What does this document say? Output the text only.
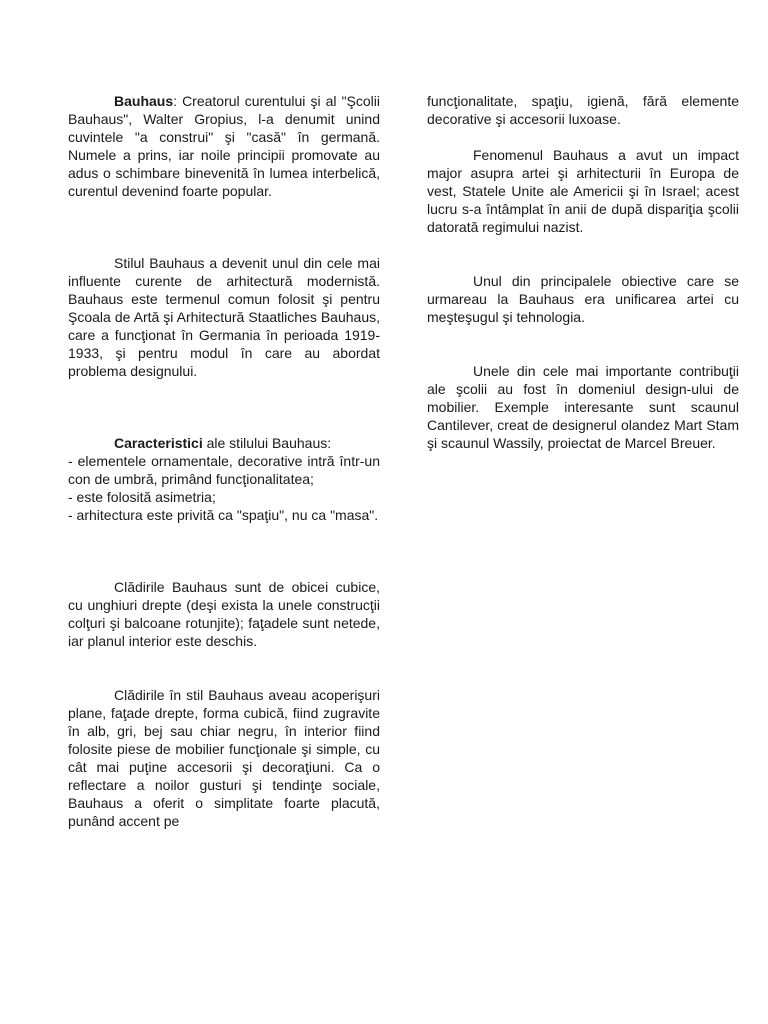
Bauhaus: Creatorul curentului şi al "Şcolii Bauhaus", Walter Gropius, l-a denumit unind cuvintele "a construi" şi "casă" în germană. Numele a prins, iar noile principii promovate au adus o schimbare binevenită în lumea interbelică, curentul devenind foarte popular.

Stilul Bauhaus a devenit unul din cele mai influente curente de arhitectură modernistă. Bauhaus este termenul comun folosit şi pentru Şcoala de Artă şi Arhitectură Staatliches Bauhaus, care a funcţionat în Germania în perioada 1919-1933, şi pentru modul în care au abordat problema designului.

Caracteristici ale stilului Bauhaus:

- elementele ornamentale, decorative intră într-un con de umbră, primând funcţionalitatea;

- este folosită asimetria;

- arhitectura este privită ca "spaţiu", nu ca "masa".

Clădirile Bauhaus sunt de obicei cubice, cu unghiuri drepte (deşi exista la unele construcţii colţuri şi balcoane rotunjite); faţadele sunt netede, iar planul interior este deschis.

Clădirile în stil Bauhaus aveau acoperişuri plane, faţade drepte, forma cubică, fiind zugravite în alb, gri, bej sau chiar negru, în interior fiind folosite piese de mobilier funcţionale şi simple, cu cât mai puţine accesorii şi decoraţiuni. Ca o reflectare a noilor gusturi şi tendinţe sociale, Bauhaus a oferit o simplitate foarte placută, punând accent pe

funcţionalitate, spaţiu, igienă, fără elemente decorative şi accesorii luxoase.

Fenomenul Bauhaus a avut un impact major asupra artei şi arhitecturii în Europa de vest, Statele Unite ale Americii şi în Israel; acest lucru s-a întâmplat în anii de după dispariţia şcolii datorată regimului nazist.

Unul din principalele obiective care se urmareau la Bauhaus era unificarea artei cu meşteşugul şi tehnologia.

Unele din cele mai importante contribuţii ale şcolii au fost în domeniul design-ului de mobilier. Exemple interesante sunt scaunul Cantilever, creat de designerul olandez Mart Stam şi scaunul Wassily, proiectat de Marcel Breuer.
